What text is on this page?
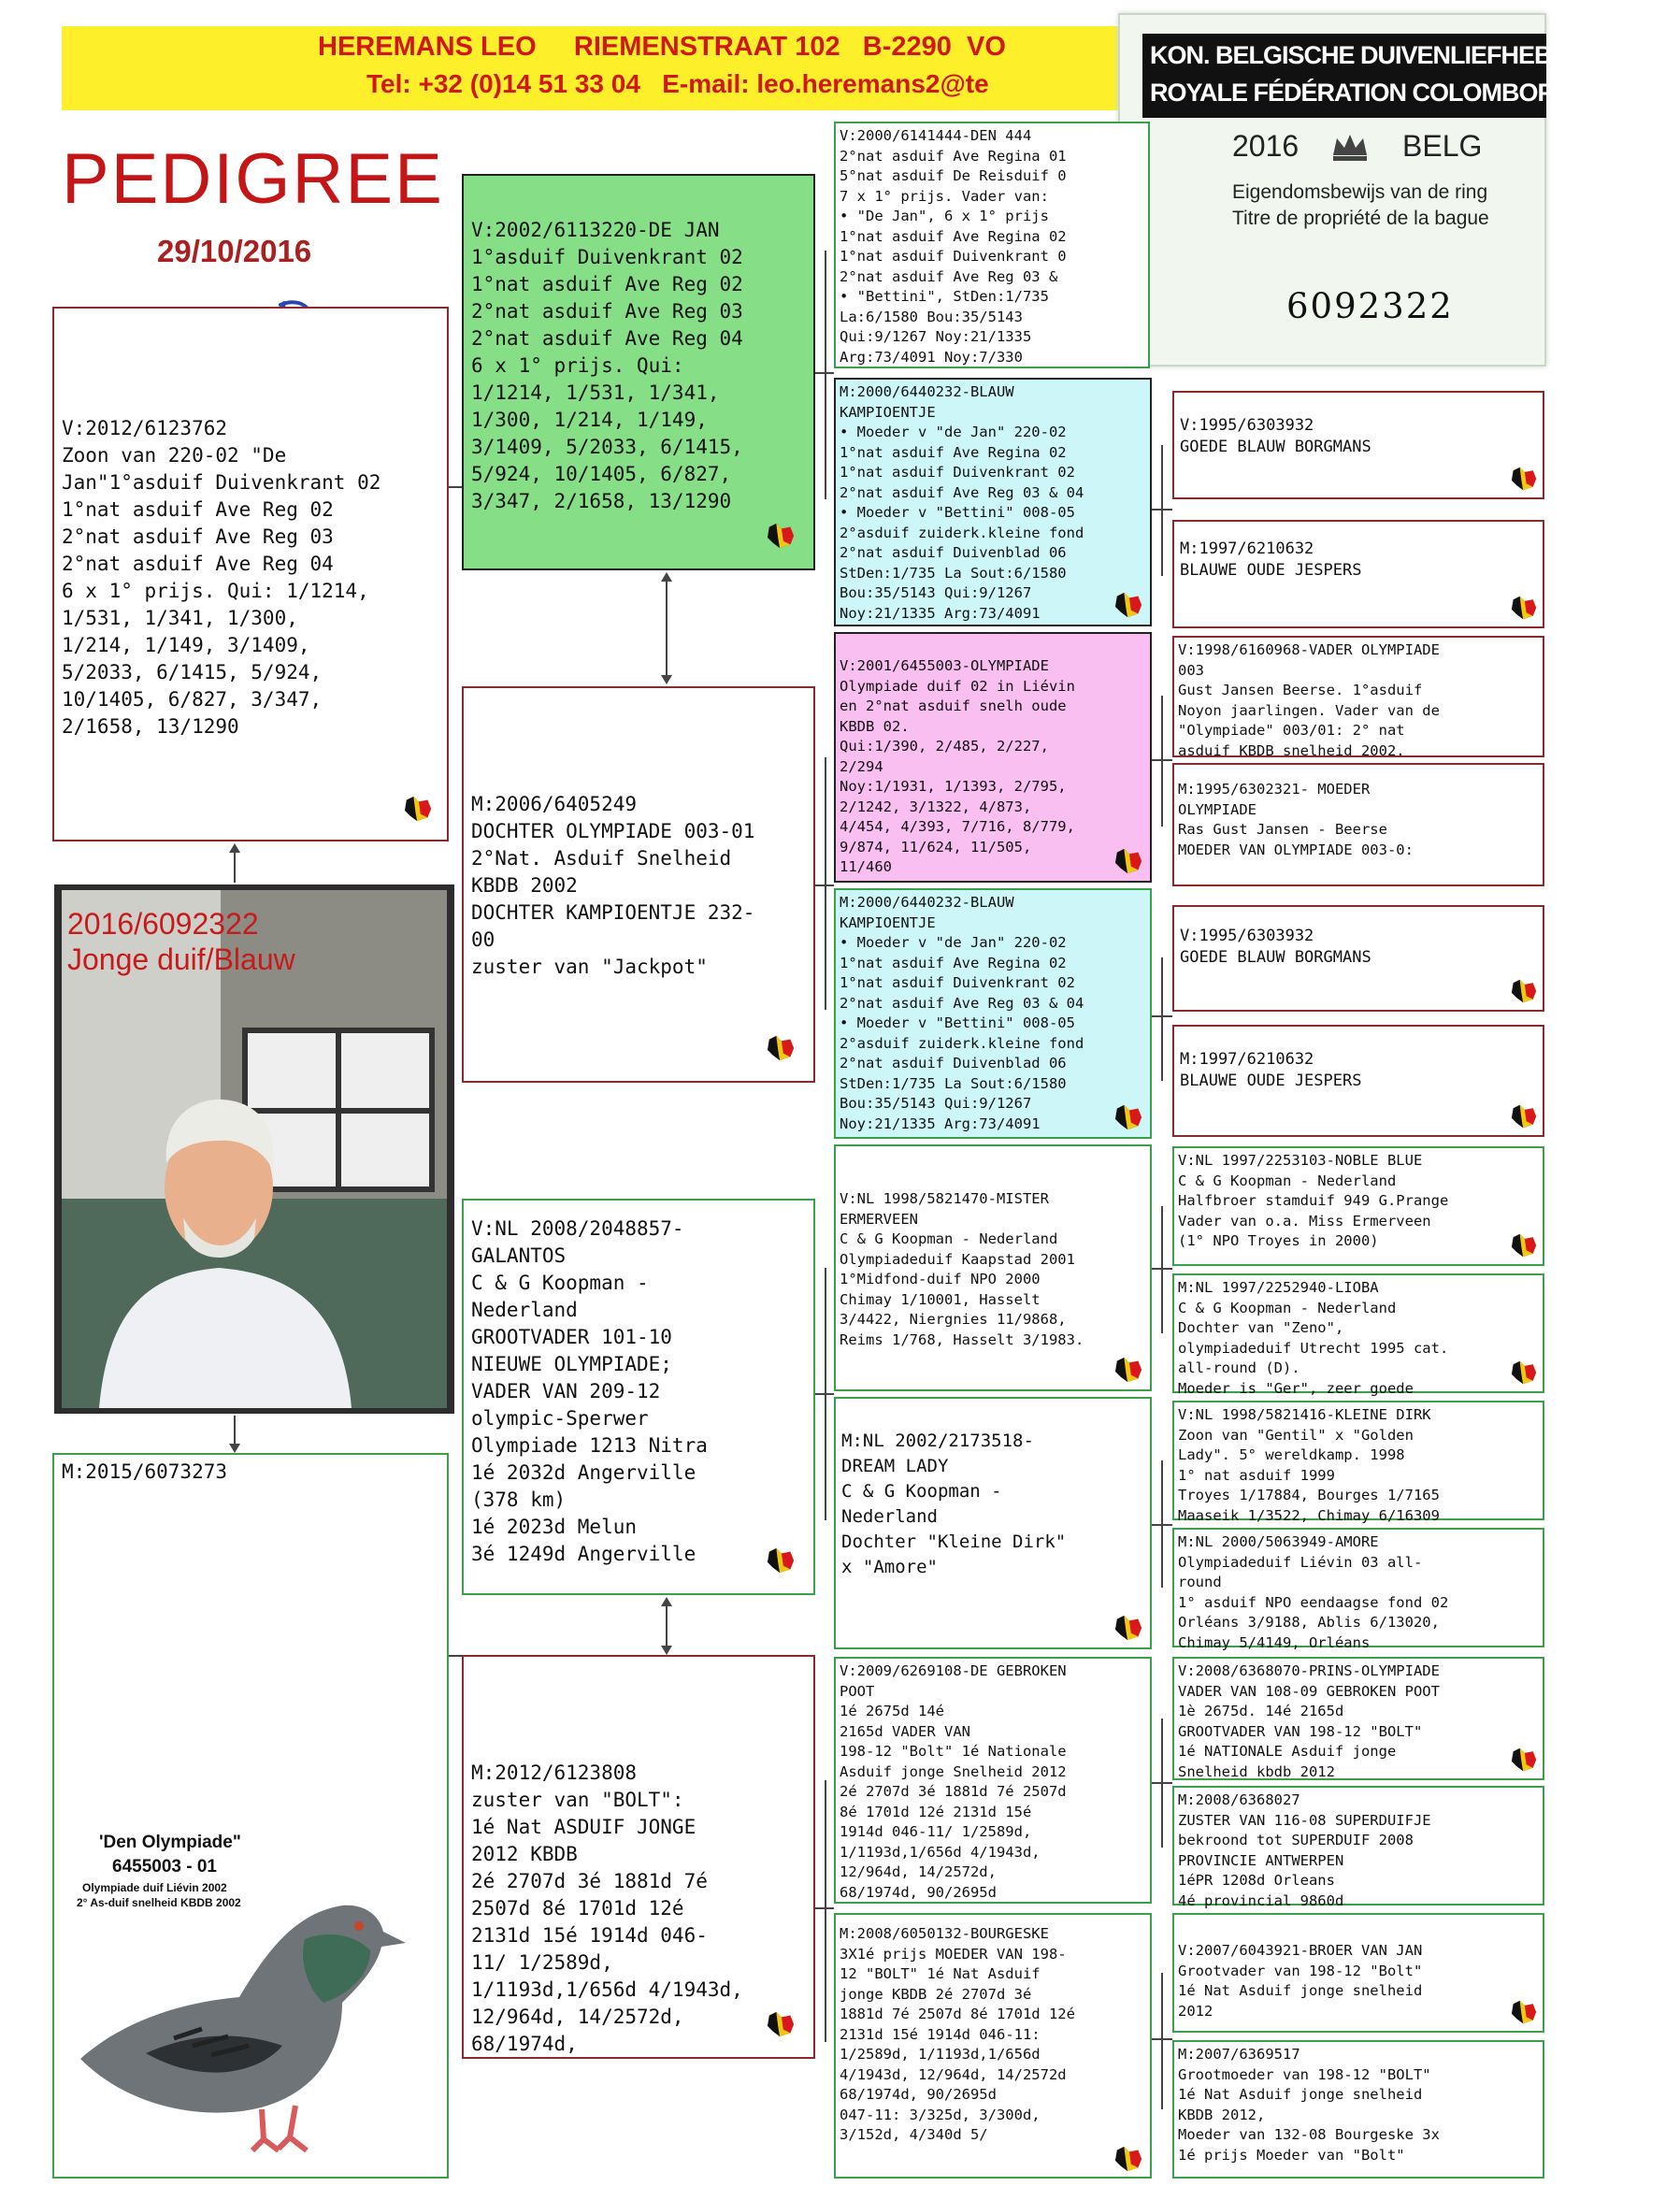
HEREMANS LEO     RIEMENSTRAAT 102   B-2290  VO
Tel: +32 (0)14 51 33 04   E-mail: leo.heremans2@te
PEDIGREE
29/10/2016
KON. BELGISCHE DUIVENLIEFHEBBERSBON
ROYALE FÉDÉRATION COLOMBOPHILE BELG
2016	BELG
Eigendomsbewijs van de ring
Titre de propriété de la bague
6092322
V:2012/6123762
Zoon van 220-02 "De
Jan"1°asduif Duivenkrant 02
1°nat asduif Ave Reg 02
2°nat asduif Ave Reg 03
2°nat asduif Ave Reg 04
6 x 1° prijs. Qui: 1/1214,
1/531, 1/341, 1/300,
1/214, 1/149, 3/1409,
5/2033, 6/1415, 5/924,
10/1405, 6/827, 3/347,
2/1658, 13/1290
M:2015/6073273
2016/6092322
Jonge duif/Blauw
'Den Olympiade"
6455003 - 01
Olympiade duif Liévin 2002
2° As-duif snelheid KBDB 2002
V:2002/6113220-DE JAN
1°asduif Duivenkrant 02
1°nat asduif Ave Reg 02
2°nat asduif Ave Reg 03
2°nat asduif Ave Reg 04
6 x 1° prijs. Qui:
1/1214, 1/531, 1/341,
1/300, 1/214, 1/149,
3/1409, 5/2033, 6/1415,
5/924, 10/1405, 6/827,
3/347, 2/1658, 13/1290
M:2006/6405249
DOCHTER OLYMPIADE 003-01
2°Nat. Asduif Snelheid
KBDB 2002
DOCHTER KAMPIOENTJE 232-
00
zuster van "Jackpot"
V:NL 2008/2048857-
GALANTOS
C & G Koopman -
Nederland
GROOTVADER 101-10
NIEUWE OLYMPIADE;
VADER VAN 209-12
olympic-Sperwer
Olympiade 1213 Nitra
1é 2032d Angerville
(378 km)
1é 2023d Melun
3é 1249d Angerville
M:2012/6123808
zuster van "BOLT":
1é Nat ASDUIF JONGE
2012 KBDB
2é 2707d 3é 1881d 7é
2507d 8é 1701d 12é
2131d 15é 1914d 046-
11/ 1/2589d,
1/1193d,1/656d 4/1943d,
12/964d, 14/2572d,
68/1974d,
V:2000/6141444-DEN 444
2°nat asduif Ave Regina 01
5°nat asduif De Reisduif 0
7 x 1° prijs. Vader van:
• "De Jan", 6 x 1° prijs
1°nat asduif Ave Regina 02
1°nat asduif Duivenkrant 0
2°nat asduif Ave Reg 03 &
• "Bettini", StDen:1/735
La:6/1580 Bou:35/5143
Qui:9/1267 Noy:21/1335
Arg:73/4091 Noy:7/330
M:2000/6440232-BLAUW
KAMPIOENTJE
• Moeder v "de Jan" 220-02
1°nat asduif Ave Regina 02
1°nat asduif Duivenkrant 02
2°nat asduif Ave Reg 03 & 04
• Moeder v "Bettini" 008-05
2°asduif zuiderk.kleine fond
2°nat asduif Duivenblad 06
StDen:1/735 La Sout:6/1580
Bou:35/5143 Qui:9/1267
Noy:21/1335 Arg:73/4091
V:2001/6455003-OLYMPIADE
Olympiade duif 02 in Liévin
en 2°nat asduif snelh oude
KBDB 02.
Qui:1/390, 2/485, 2/227,
2/294
Noy:1/1931, 1/1393, 2/795,
2/1242, 3/1322, 4/873,
4/454, 4/393, 7/716, 8/779,
9/874, 11/624, 11/505,
11/460
M:2000/6440232-BLAUW
KAMPIOENTJE
• Moeder v "de Jan" 220-02
1°nat asduif Ave Regina 02
1°nat asduif Duivenkrant 02
2°nat asduif Ave Reg 03 & 04
• Moeder v "Bettini" 008-05
2°asduif zuiderk.kleine fond
2°nat asduif Duivenblad 06
StDen:1/735 La Sout:6/1580
Bou:35/5143 Qui:9/1267
Noy:21/1335 Arg:73/4091
V:NL 1998/5821470-MISTER
ERMERVEEN
C & G Koopman - Nederland
Olympiadeduif Kaapstad 2001
1°Midfond-duif NPO 2000
Chimay 1/10001, Hasselt
3/4422, Niergnies 11/9868,
Reims 1/768, Hasselt 3/1983.
M:NL 2002/2173518-
DREAM LADY
C & G Koopman -
Nederland
Dochter "Kleine Dirk"
x "Amore"
V:2009/6269108-DE GEBROKEN
POOT
1é 2675d 14é
2165d VADER VAN
198-12 "Bolt" 1é Nationale
Asduif jonge Snelheid 2012
2é 2707d 3é 1881d 7é 2507d
8é 1701d 12é 2131d 15é
1914d 046-11/ 1/2589d,
1/1193d,1/656d 4/1943d,
12/964d, 14/2572d,
68/1974d, 90/2695d
M:2008/6050132-BOURGESKE
3X1é prijs MOEDER VAN 198-
12 "BOLT" 1é Nat Asduif
jonge KBDB 2é 2707d 3é
1881d 7é 2507d 8é 1701d 12é
2131d 15é 1914d 046-11:
1/2589d, 1/1193d,1/656d
4/1943d, 12/964d, 14/2572d
68/1974d, 90/2695d
047-11: 3/325d, 3/300d,
3/152d, 4/340d 5/
V:1995/6303932
GOEDE BLAUW BORGMANS
M:1997/6210632
BLAUWE OUDE JESPERS
V:1998/6160968-VADER OLYMPIADE
003
Gust Jansen Beerse. 1°asduif
Noyon jaarlingen. Vader van de
"Olympiade" 003/01: 2° nat
asduif KBDB snelheid 2002.
M:1995/6302321- MOEDER
OLYMPIADE
Ras Gust Jansen - Beerse
MOEDER VAN OLYMPIADE 003-0:
V:1995/6303932
GOEDE BLAUW BORGMANS
M:1997/6210632
BLAUWE OUDE JESPERS
V:NL 1997/2253103-NOBLE BLUE
C & G Koopman - Nederland
Halfbroer stamduif 949 G.Prange
Vader van o.a. Miss Ermerveen
(1° NPO Troyes in 2000)
M:NL 1997/2252940-LIOBA
C & G Koopman - Nederland
Dochter van "Zeno",
olympiadeduif Utrecht 1995 cat.
all-round (D).
Moeder is "Ger", zeer goede
V:NL 1998/5821416-KLEINE DIRK
Zoon van "Gentil" x "Golden
Lady". 5° wereldkamp. 1998
1° nat asduif 1999
Troyes 1/17884, Bourges 1/7165
Maaseik 1/3522, Chimay 6/16309
M:NL 2000/5063949-AMORE
Olympiadeduif Liévin 03 all-
round
1° asduif NPO eendaagse fond 02
Orléans 3/9188, Ablis 6/13020,
Chimay 5/4149, Orléans
V:2008/6368070-PRINS-OLYMPIADE
VADER VAN 108-09 GEBROKEN POOT
1è 2675d. 14é 2165d
GROOTVADER VAN 198-12 "BOLT"
1é NATIONALE Asduif jonge
Snelheid kbdb 2012
M:2008/6368027
ZUSTER VAN 116-08 SUPERDUIFJE
bekroond tot SUPERDUIF 2008
PROVINCIE ANTWERPEN
1éPR 1208d Orleans
4é provincial 9860d
V:2007/6043921-BROER VAN JAN
Grootvader van 198-12 "Bolt"
1é Nat Asduif jonge snelheid
2012
M:2007/6369517
Grootmoeder van 198-12 "BOLT"
1é Nat Asduif jonge snelheid
KBDB 2012,
Moeder van 132-08 Bourgeske 3x
1é prijs Moeder van "Bolt"
